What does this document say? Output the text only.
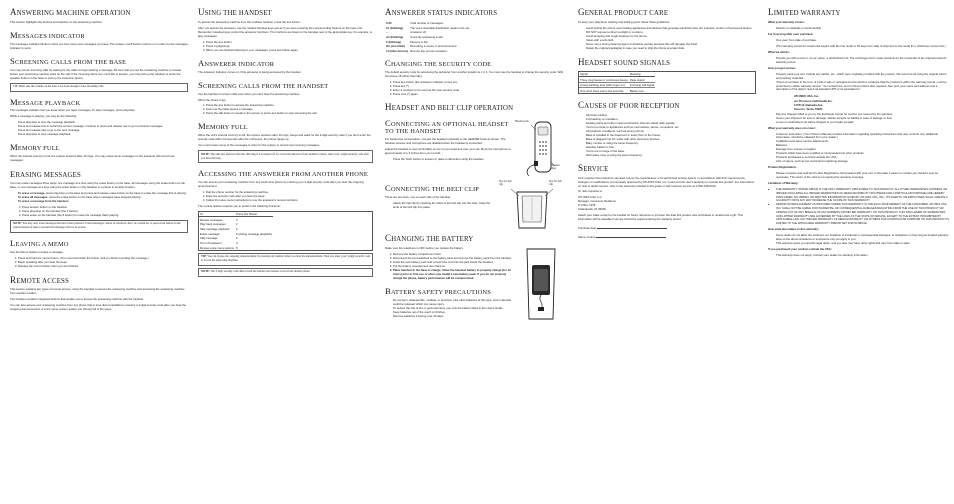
ANSWERING MACHINE OPERATION

This section highlights the buttons and features on the answering machine.

MESSAGES INDICATOR

The messages indicator blinks to show you how many new messages you have. The answer on/off button must be on in order for the messages indicator to work.

SCREENING CALLS FROM THE BASE

You may screen incoming calls by waiting for the caller to begin leaving a message. Be sure that you set the answering machine to answer before your answering machine picks up the call. If the incoming call is one you'd like to answer, you may pick up the handset or press the speaker button on the base to pick up the extension phone.

TIP: Make sure the volume on the base is set loud enough to hear incoming calls.
MESSAGE PLAYBACK

The messages indicator lets you know when you have messages. To play messages, press play/stop.

While a message is playing, you may do the following:

• Press play/stop to stop the message playback.
• Press and release rew to restart the current message; continue to press and release rew to go to previous messages.
• Press and release skip to go to the next message.
• Press play/stop to stop message playback.
MEMORY FULL

When the internal memory is full, the system answers after 10 rings. You may erase some messages so the answerer will record new messages.

ERASING MESSAGES

You may erase messages three ways: one message at a time using the erase button on the base, all messages using the erase button on the base, or one message at a time using the erase button on the handset or a phone in another location.

• To erase a message, press play/stop on the base and press and release erase button on the base to erase the message that is playing.
• To erase all messages, press the erase button on the base when messages have stopped playing.
• To erase a message from the handset:
1. Press answer button on the handset.
2. Press play/stop on the handset (the 2 button).
3. Press erase on the handset (the 6 button) to erase the message that's playing.
NOTE: You may only erase messages that have been reviewed. Erased messages cannot be retrieved. Also, be careful not to press erase button on the remote instead of skip to prevent that message will not be erased.
LEAVING A MEMO

Use the Memo feature to leave a message.

1. Press and hold the memo button. (You must hold down the button until you finish recording the message.)
2. Begin speaking after you hear the beep.
3. Release the memo button when you are finished.
REMOTE ACCESS

This section explains two types of remote access: using the handset to access the answering machine and accessing the answering machine from another location.

The handset contains integrated buttons that enable you to access the answering machine with the handset.

You can also access your answering machine from any phone that is tone-dial compatible by entering a 3-digit security code after you hear the outgoing announcement. A voice menu system guides you through all of the steps.

USING THE HANDSET

To access the answering machine from the cordless handset, press the ans button.

After you access the answerer, use the marked handset keys just as if you were pressing the corresponding buttons on the base unit. Remember: Handset keys control the answerer functions. The functions are listed on the handset next to the appropriate key; for example, to play messages:

1. Press the ans button.
2. Press 2 (play/stop).
3. When you are finished listening to your messages, press ans button again.
ANSWERER INDICATOR

The answerer indicator comes on if the answerer is being accessed by the handset.

SCREENING CALLS FROM THE HANDSET

Use the handset to screen calls even when you can't hear the answering machine.

When the phone rings:

1. Press the ans button to access the answering machine.
2. Listen as the caller leaves a message.
3. Press the talk button to speak to the person or press ans button to stop screening the call.
MEMORY FULL

When the unit's internal memory is full, the system answers after 10 rings, beeps and waits for the 3-digit security code if you don't enter the security code within 10 seconds after the unit beeps, the phone hangs up.

You must review some of the messages in order for the system to record new incoming messages.

NOTE: The unit also answers after the 10th ring if it is turned off. To access the answerer from another location, enter your 3-digit security code after you hear the beep.
ACCESSING THE ANSWERER FROM ANOTHER PHONE

You can access your answering machine from any touch-tone phone by entering your 3-digit security code after you hear the outgoing announcement.

1. Dial the phone number for the answering machine.
2. Enter the security code after you hear the beep.
3. Follow the voice menu instructions to use the answerer's remote functions.

The remote feature requires you to perform the following functions:

To	Press this Button
Review messages	2
Play back messages	2
Skip message playback	3
Erase message	6 (during message playback)
Skip message	3
Turn off answerer	4
Review voice menu options	5
TIP: You can bypass the outgoing announcement by pressing any number when you hear the announcement. Then you enter your 3-digit security code to access the answering machine.
NOTE: The 3-digit security code affects both the handset and remote access from another phone.
ANSWERER STATUS INDICATORS
0-50	Total number of messages.
CL (blinking)	The voice time/daily distribution needs to be set.
--	Answerer off.
An (blinking)	Currently answering a call.
F (blinking)	Memory is full.
On (one blink)	Recording a memo or announcement.
LA (One Access)	Remote line remote answerer.
CHANGING THE SECURITY CODE

The default security code for accessing the answerer from another location is 1 2 3. You must use the handset to change the security code. With the phone off (other than idle):

1. Press ans button (the answerer indicator comes on).
2. Press ans (*).
3. Enter 3 numbers to be used as the new security code.
4. Press tone (*) again.
HEADSET AND BELT CLIP OPERATION
CONNECTING AN OPTIONAL HEADSET TO THE HANDSET

For hands-free conversation, connect the headset (optional) to the HEADSET jack as shown. The handset receiver and microphone are disabled when the headset is connected.

Adjust the headset to rest comfortably on top of your head and over your ear. Move the microphone to approximately 2 to 3 inches from your mouth.

• Press the TALK button to answer or place a call before using the headset.
Headset jack
Headset plug
CONNECTING THE BELT CLIP

There are two slots, one on each side of the handset.

• Attach the belt clip by inserting the sides of the belt clip into the slots. Snap the ends of the belt clip into place.
Slot for belt clip
Slot for belt clip
CHANGING THE BATTERY

Make sure the telephone is OFF before you replace the battery.

1. Remove the battery compartment door.
2. Disconnect the cord attached to the battery pack and remove the battery pack from the handset.
3. Insert the new battery pack and connect the cord into the jack inside the handset.
4. Put the battery compartment door back on.
5. Place handset in the base to charge. Allow the handset battery to properly charge (for 12 hours) prior to first use or when you install a new battery pack. If you do not properly charge the phone, battery performance will be compromised.
BATTERY SAFETY PRECAUTIONS
• Do not burn, disassemble, mutilate, or puncture. Like other batteries of this type, toxic materials could be released which can cause injury.
• To reduce the risk of fire or personal injury, use only the battery listed in the User's Guide.
• Keep batteries out of the reach of children.
• Remove batteries if storing over 30 days.
GENERAL PRODUCT CARE

To keep your telephone working and looking good, follow these guidelines:

• Avoid putting the phone near heating appliances and devices that generate electrical noise (for example, motors or fluorescent lamps).
• DO NOT expose to direct sunlight or moisture.
• Avoid dropping and rough treatment to the phone.
• Clean with a soft cloth.
• Never use a strong cleaning agent or abrasive powder because this will damage the finish.
• Retain the original packaging in case you need to ship the phone at a later date.
HEADSET SOUND SIGNALS
Signal	Meaning
Three long beeps or continuous beeps	Page signal
A long warbling tone (with ringer on)	Incoming call signal
One short beep every few seconds	Battery low
CAUSES OF POOR RECEPTION
• Aluminum siding.
• Foil backing on insulation.
• Heating ducts and other metal construction that can shield radio signals.
• You're too close to appliances such as microwaves, stoves, computers, etc.
• Atmospheric conditions, such as strong storms.
• Base is installed in the basement or lower floor of the house.
• Base is plugged into AC outlet with other electronic devices.
• Baby monitor is using the same frequency.
• Handset battery is low.
• You're out of range of the base.
• Microwave oven is using the same frequency.
SERVICE

FCC requires this product be serviced only by the manufacturer or its authorized service agents. In accordance with FCC requirements, changes or modifications not expressly approved by ATLINKS USA, Inc. could void the user's authority to operate this product. For instructions on how to obtain service, refer to the warranty included in this guide or call customer service at 1-800-448-0329.

Or refer inquiries to:

ATLINKS USA, Inc.
Manager, Consumer Relations
P O Box 1976
Indianapolis, IN 46206

Attach your sales receipt to the booklet for future reference or jot down the date this product was purchased or received as a gift. This information will be valuable if service should be required during the warranty period.

Purchase date

Name of store

LIMITED WARRANTY

What your warranty covers:

• Defects in materials or workmanship.

For how long after your purchase:

• One year, from date of purchase.

(The warranty period for rental units begins with the first rental or 45 days from date of shipment to the rental firm, whichever comes first.)

What we will do:

• Provide you with a new or, at our option, a refurbished unit. The exchange unit is under warranty for the remainder of the original product's warranty period.

How you get service:

• Properly pack your unit. Include any cables, etc., which were originally provided with the product. We recommend using the original carton and packing materials.
• "Proof of purchase in the form of a bill of sale or receipted invoice which is evidence that the product is within the warranty period, must be presented to obtain warranty service." For rental firms, proof of first rental is also required. Also print your name and address and a description of the defect. Send via standard UPS or its equivalent to:
ATLINKS USA, Inc.
c/o Thomson multimedia Inc.
11721 B Alameda Ave.
Socorro, Texas 79927
• Pay any charges billed to you by the Exchange Center for service not covered by the warranty.
• Insure your shipment for loss or damage. Atlinks accepts no liability in case of damage or loss.
• A new or refurbished unit will be shipped to you freight prepaid.

What your warranty does not cover:

• Customer instruction. (Your Owner's Manual provides information regarding operating instructions and user controls. Any additional information, should be obtained from your dealer.)
• Installation and setup service adjustments.
• Batteries.
• Damage from misuse or neglect.
• Products which have been modified or incorporated into other products.
• Products purchased or serviced outside the USA.
• Acts of nature, such as but not limited to lightning damage.

Product Registration:

• Please complete and mail the Product Registration Card packed with your unit. It will make it easier to contact you should it ever be necessary. The return of the card is not required for warranty coverage.

Limitation of Warranty:

• THE WARRANTY STATED ABOVE IS THE ONLY WARRANTY APPLICABLE TO THIS PRODUCT. ALL OTHER WARRANTIES, EXPRESS OR IMPLIED (INCLUDING ALL IMPLIED WARRANTIES OF MERCHANTABILITY OR FITNESS FOR A PARTICULAR PURPOSE) ARE HEREBY DISCLAIMED. NO VERBAL OR WRITTEN INFORMATION GIVEN BY ATLINKS USA, INC., ITS AGENTS, OR EMPLOYEES SHALL CREATE A GUARANTY OR IN ANY WAY INCREASE THE SCOPE OF THIS WARRANTY.
• REPAIR OR REPLACEMENT AS PROVIDED UNDER THIS WARRANTY IS THE EXCLUSIVE REMEDY OF THE CONSUMER. ATLINKS USA, INC. SHALL NOT BE LIABLE FOR INCIDENTAL OR CONSEQUENTIAL DAMAGES RESULTING FROM THE USE OF THIS PRODUCT OR ARISING OUT OF ANY BREACH OF ANY EXPRESS OR IMPLIED WARRANTY ON THIS PRODUCT. THIS DISCLAIMER OF WARRANTIES AND LIMITED WARRANTY ARE GOVERNED BY THE LAWS OF THE STATE OF INDIANA. EXCEPT TO THE EXTENT PROHIBITED BY APPLICABLE LAW, ANY IMPLIED WARRANTY OF MERCHANTABILITY OR FITNESS FOR A PARTICULAR PURPOSE ON THIS PRODUCT IS LIMITED TO THE APPLICABLE WARRANTY PERIOD SET FORTH ABOVE.

How state law relates to this warranty:

• Some states do not allow the exclusion nor limitation of incidental or consequential damages, or limitations on how long an implied warranty lasts so the above limitations or exclusions may not apply to you.
• This warranty gives you specific legal rights, and you also may have other rights that vary from state to state.

If you purchased your product outside the USA:

• This warranty does not apply. Contact your dealer for warranty information.
